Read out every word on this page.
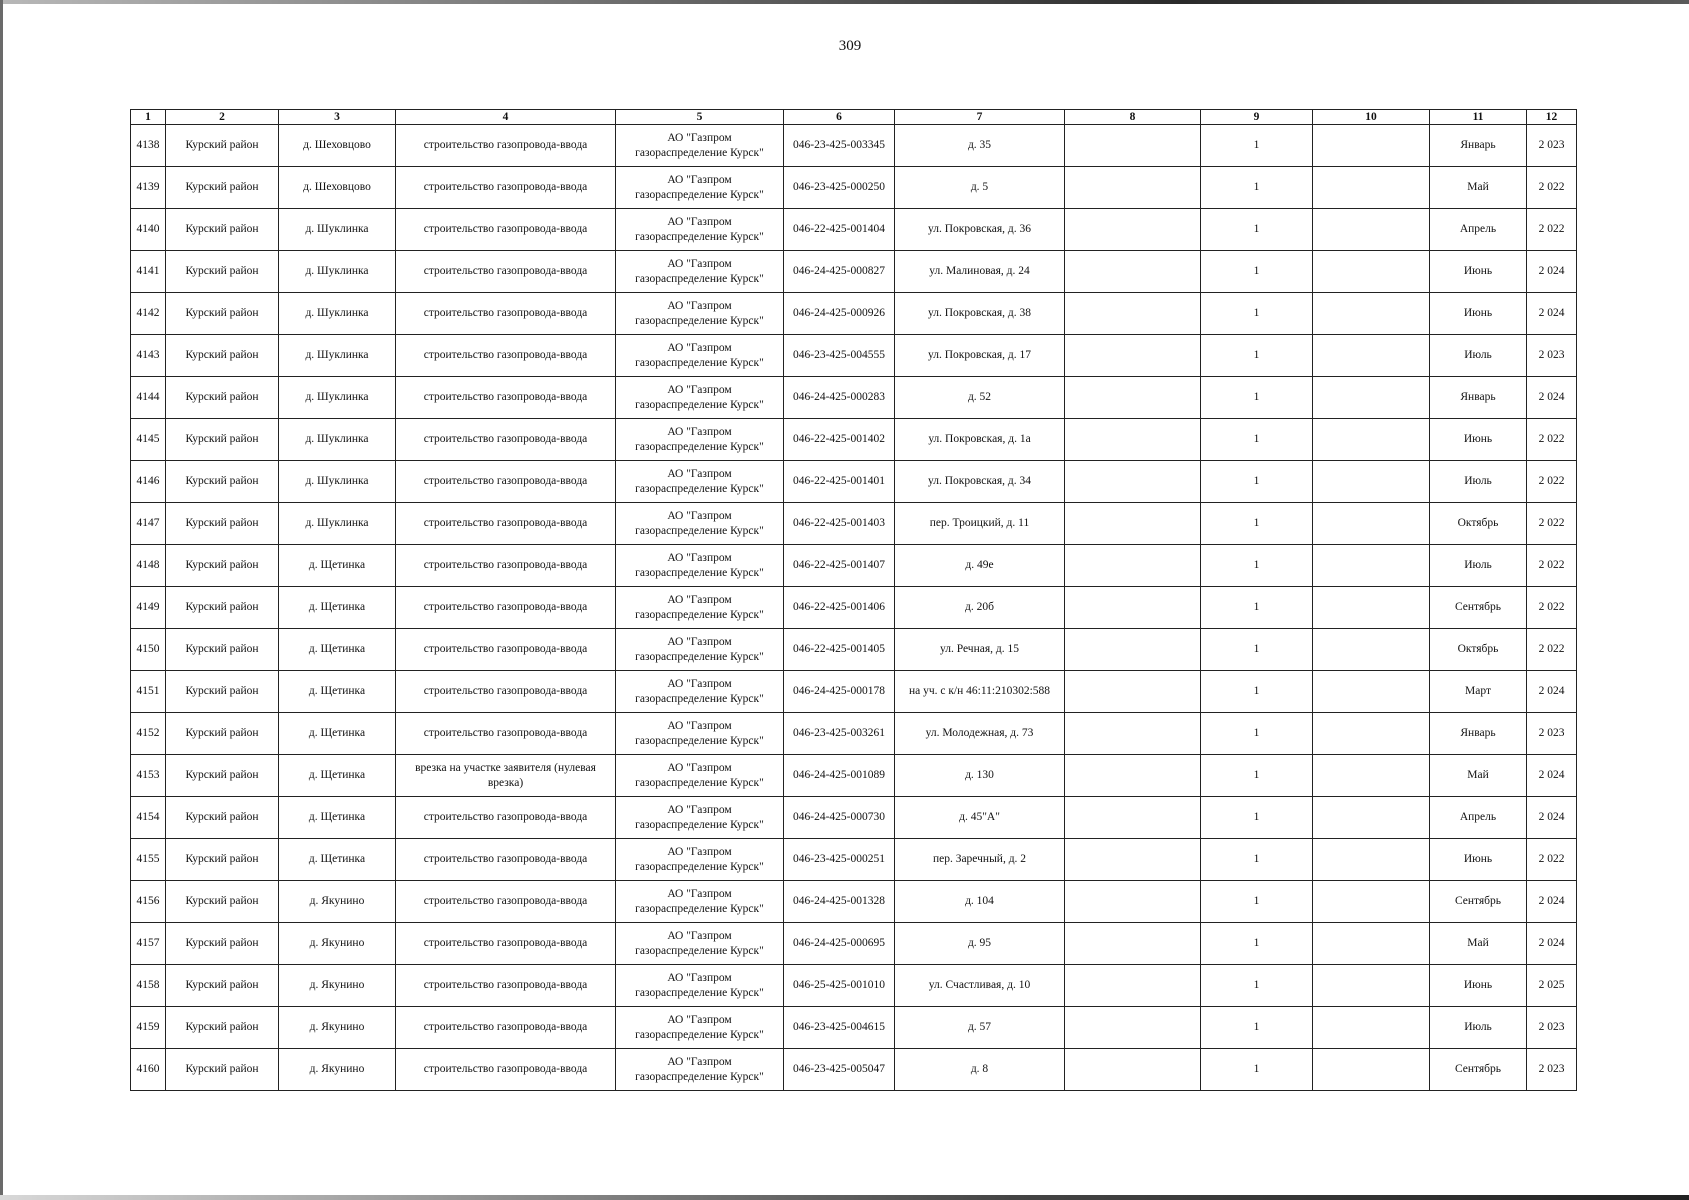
309
1	2	3	4	5	6	7	8	9	10	11	12
4138	Курский район	д. Шеховцово	строительство газопровода-ввода	АО "Газпром
газораспределение Курск"	046-23-425-003345	д. 35		1		Январь	2 023
4139	Курский район	д. Шеховцово	строительство газопровода-ввода	АО "Газпром
газораспределение Курск"	046-23-425-000250	д. 5		1		Май	2 022
4140	Курский район	д. Шуклинка	строительство газопровода-ввода	АО "Газпром
газораспределение Курск"	046-22-425-001404	ул. Покровская, д. 36		1		Апрель	2 022
4141	Курский район	д. Шуклинка	строительство газопровода-ввода	АО "Газпром
газораспределение Курск"	046-24-425-000827	ул. Малиновая, д. 24		1		Июнь	2 024
4142	Курский район	д. Шуклинка	строительство газопровода-ввода	АО "Газпром
газораспределение Курск"	046-24-425-000926	ул. Покровская, д. 38		1		Июнь	2 024
4143	Курский район	д. Шуклинка	строительство газопровода-ввода	АО "Газпром
газораспределение Курск"	046-23-425-004555	ул. Покровская, д. 17		1		Июль	2 023
4144	Курский район	д. Шуклинка	строительство газопровода-ввода	АО "Газпром
газораспределение Курск"	046-24-425-000283	д. 52		1		Январь	2 024
4145	Курский район	д. Шуклинка	строительство газопровода-ввода	АО "Газпром
газораспределение Курск"	046-22-425-001402	ул. Покровская, д. 1а		1		Июнь	2 022
4146	Курский район	д. Шуклинка	строительство газопровода-ввода	АО "Газпром
газораспределение Курск"	046-22-425-001401	ул. Покровская, д. 34		1		Июль	2 022
4147	Курский район	д. Шуклинка	строительство газопровода-ввода	АО "Газпром
газораспределение Курск"	046-22-425-001403	пер. Троицкий, д. 11		1		Октябрь	2 022
4148	Курский район	д. Щетинка	строительство газопровода-ввода	АО "Газпром
газораспределение Курск"	046-22-425-001407	д. 49е		1		Июль	2 022
4149	Курский район	д. Щетинка	строительство газопровода-ввода	АО "Газпром
газораспределение Курск"	046-22-425-001406	д. 20б		1		Сентябрь	2 022
4150	Курский район	д. Щетинка	строительство газопровода-ввода	АО "Газпром
газораспределение Курск"	046-22-425-001405	ул. Речная, д. 15		1		Октябрь	2 022
4151	Курский район	д. Щетинка	строительство газопровода-ввода	АО "Газпром
газораспределение Курск"	046-24-425-000178	на уч. с к/н 46:11:210302:588		1		Март	2 024
4152	Курский район	д. Щетинка	строительство газопровода-ввода	АО "Газпром
газораспределение Курск"	046-23-425-003261	ул. Молодежная, д. 73		1		Январь	2 023
4153	Курский район	д. Щетинка	врезка на участке заявителя (нулевая врезка)	АО "Газпром
газораспределение Курск"	046-24-425-001089	д. 130		1		Май	2 024
4154	Курский район	д. Щетинка	строительство газопровода-ввода	АО "Газпром
газораспределение Курск"	046-24-425-000730	д. 45"А"		1		Апрель	2 024
4155	Курский район	д. Щетинка	строительство газопровода-ввода	АО "Газпром
газораспределение Курск"	046-23-425-000251	пер. Заречный, д. 2		1		Июнь	2 022
4156	Курский район	д. Якунино	строительство газопровода-ввода	АО "Газпром
газораспределение Курск"	046-24-425-001328	д. 104		1		Сентябрь	2 024
4157	Курский район	д. Якунино	строительство газопровода-ввода	АО "Газпром
газораспределение Курск"	046-24-425-000695	д. 95		1		Май	2 024
4158	Курский район	д. Якунино	строительство газопровода-ввода	АО "Газпром
газораспределение Курск"	046-25-425-001010	ул. Счастливая, д. 10		1		Июнь	2 025
4159	Курский район	д. Якунино	строительство газопровода-ввода	АО "Газпром
газораспределение Курск"	046-23-425-004615	д. 57		1		Июль	2 023
4160	Курский район	д. Якунино	строительство газопровода-ввода	АО "Газпром
газораспределение Курск"	046-23-425-005047	д. 8		1		Сентябрь	2 023
